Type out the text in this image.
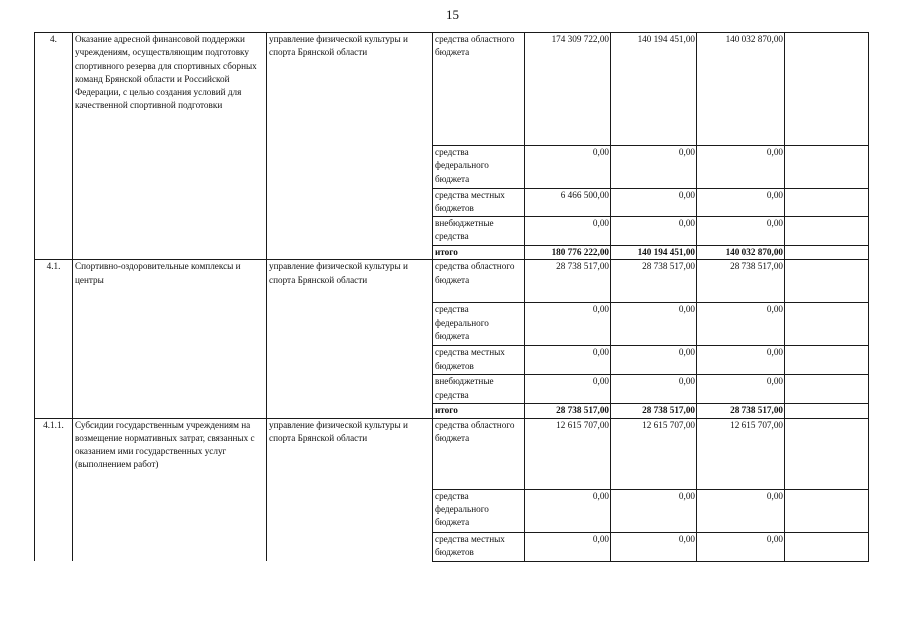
15
4.	Оказание адресной финансовой поддержки учреждениям, осуществляющим подготовку спортивного резерва для спортивных сборных команд Брянской области и Российской Федерации, с целью создания условий для качественной спортивной подготовки	управление физической культуры и спорта Брянской области	средства областного бюджета	174 309 722,00	140 194 451,00	140 032 870,00	
			средства федерального бюджета	0,00	0,00	0,00	
			средства местных бюджетов	6 466 500,00	0,00	0,00	
			внебюджетные средства	0,00	0,00	0,00	
			итого	180 776 222,00	140 194 451,00	140 032 870,00	
4.1.	Спортивно-оздоровительные комплексы и центры	управление физической культуры и спорта Брянской области	средства областного бюджета	28 738 517,00	28 738 517,00	28 738 517,00	
			средства федерального бюджета	0,00	0,00	0,00	
			средства местных бюджетов	0,00	0,00	0,00	
			внебюджетные средства	0,00	0,00	0,00	
			итого	28 738 517,00	28 738 517,00	28 738 517,00	
4.1.1.	Субсидии государственным учреждениям на возмещение нормативных затрат, связанных с оказанием ими государственных услуг (выполнением работ)	управление физической культуры и спорта Брянской области	средства областного бюджета	12 615 707,00	12 615 707,00	12 615 707,00	
			средства федерального бюджета	0,00	0,00	0,00	
			средства местных бюджетов	0,00	0,00	0,00	
